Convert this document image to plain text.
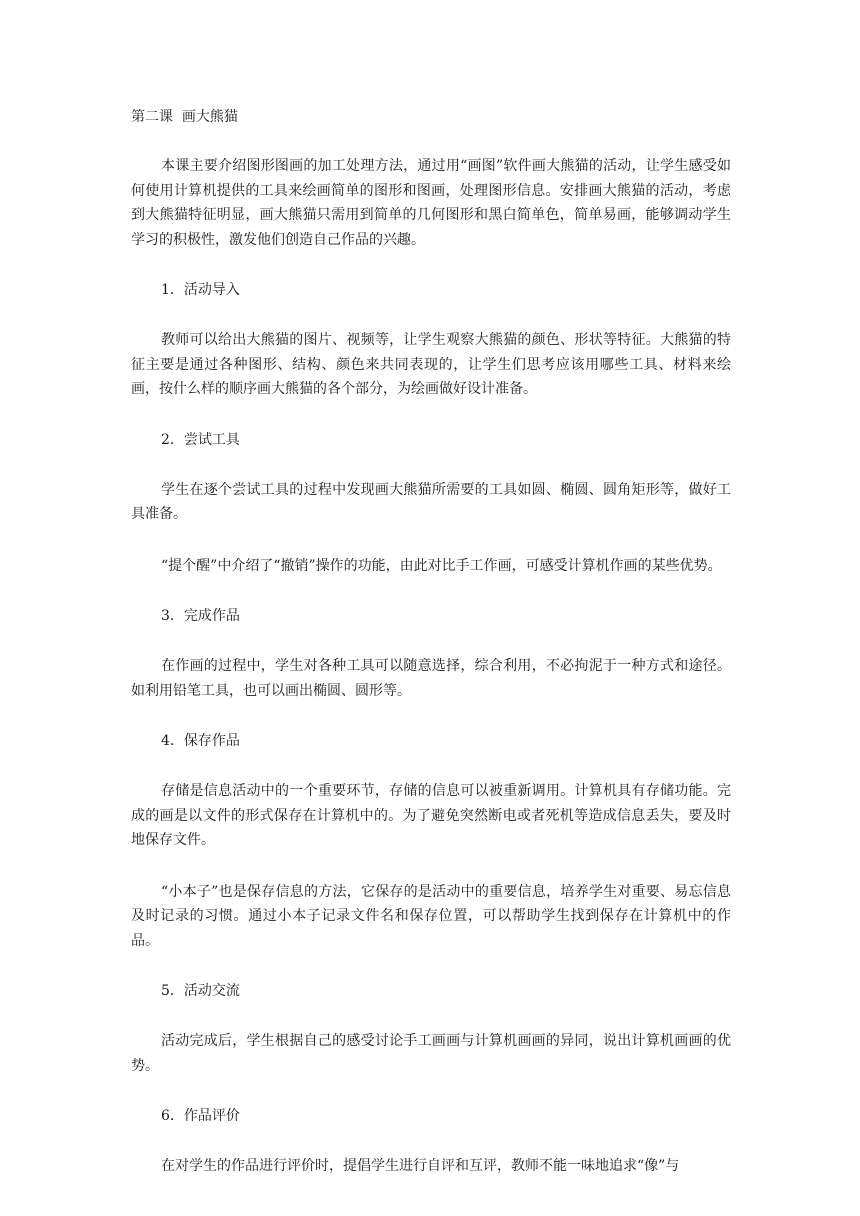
第二课  画大熊猫

本课主要介绍图形图画的加工处理方法，通过用“画图”软件画大熊猫的活动，让学生感受如何使用计算机提供的工具来绘画简单的图形和图画，处理图形信息。安排画大熊猫的活动，考虑到大熊猫特征明显，画大熊猫只需用到简单的几何图形和黑白简单色，简单易画，能够调动学生学习的积极性，激发他们创造自己作品的兴趣。

1．活动导入

教师可以给出大熊猫的图片、视频等，让学生观察大熊猫的颜色、形状等特征。大熊猫的特征主要是通过各种图形、结构、颜色来共同表现的，让学生们思考应该用哪些工具、材料来绘画，按什么样的顺序画大熊猫的各个部分，为绘画做好设计准备。

2．尝试工具

学生在逐个尝试工具的过程中发现画大熊猫所需要的工具如圆、椭圆、圆角矩形等，做好工具准备。

“提个醒”中介绍了“撤销”操作的功能，由此对比手工作画，可感受计算机作画的某些优势。

3．完成作品

在作画的过程中，学生对各种工具可以随意选择，综合利用，不必拘泥于一种方式和途径。如利用铅笔工具，也可以画出椭圆、圆形等。

4．保存作品

存储是信息活动中的一个重要环节，存储的信息可以被重新调用。计算机具有存储功能。完成的画是以文件的形式保存在计算机中的。为了避免突然断电或者死机等造成信息丢失，要及时地保存文件。

“小本子”也是保存信息的方法，它保存的是活动中的重要信息，培养学生对重要、易忘信息及时记录的习惯。通过小本子记录文件名和保存位置，可以帮助学生找到保存在计算机中的作品。

5．活动交流

活动完成后，学生根据自己的感受讨论手工画画与计算机画画的异同，说出计算机画画的优势。

6．作品评价

在对学生的作品进行评价时，提倡学生进行自评和互评，教师不能一味地追求“像”与
